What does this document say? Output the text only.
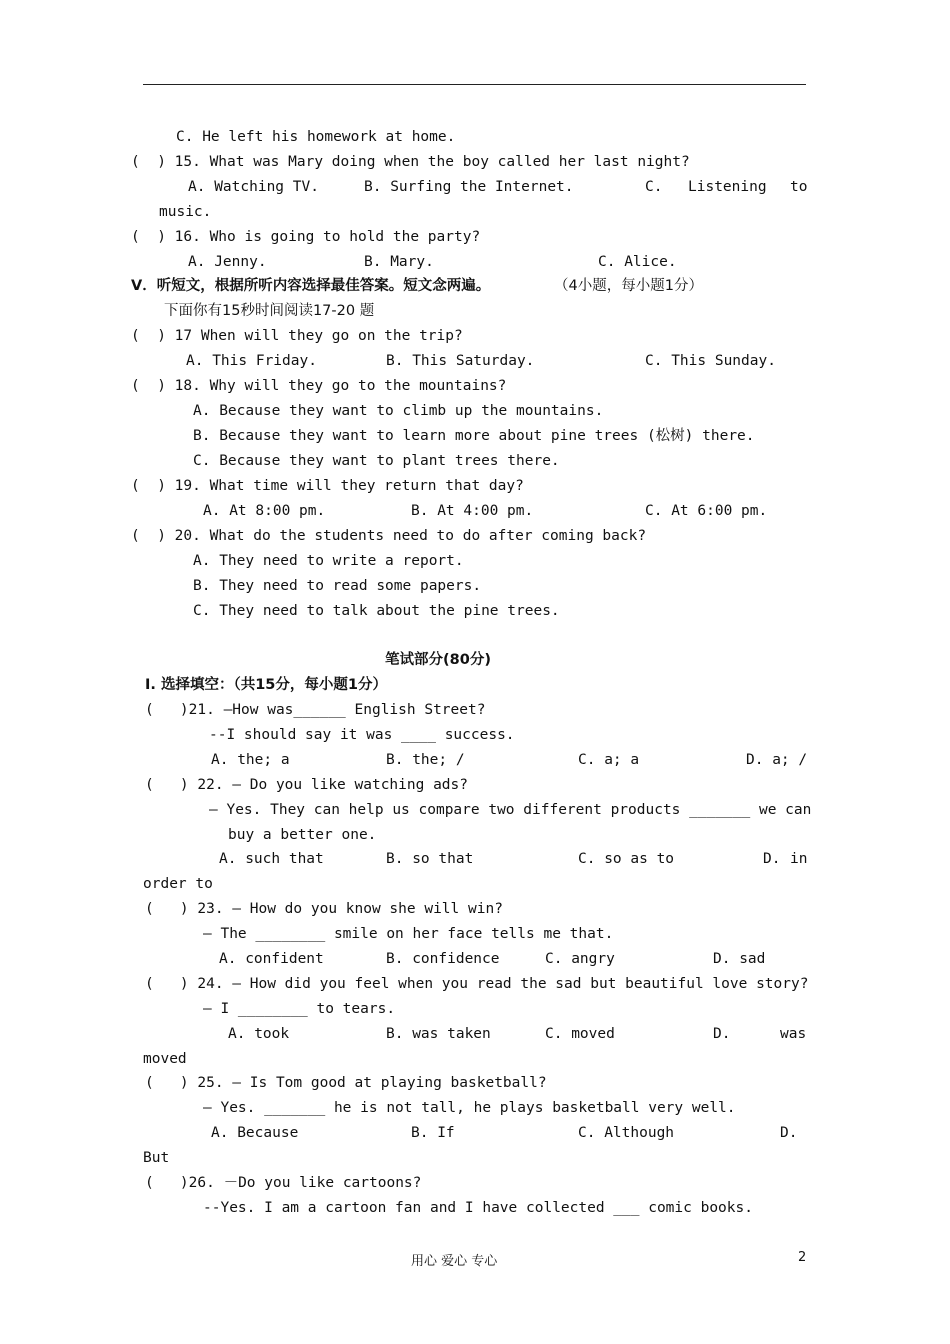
C. He left his homework at home.
(  ) 15. What was Mary doing when the boy called her last night?
A. Watching TV.	B. Surfing the Internet.	C. Listening to
music.
(  ) 16. Who is going to hold the party?
A. Jenny.	B. Mary.	C. Alice.
V．听短文，根据所听内容选择最佳答案。短文念两遍。	（4小题，每小题1分）
下面你有15秒时间阅读17-20 题
(  ) 17 When will they go on the trip?
A. This Friday.	B. This Saturday.	C. This Sunday.
(  ) 18. Why will they go to the mountains?
A. Because they want to climb up the mountains.
B. Because they want to learn more about pine trees (松树) there.
C. Because they want to plant trees there.
(  ) 19. What time will they return that day?
A. At 8:00 pm.	B. At 4:00 pm.	C. At 6:00 pm.
(  ) 20. What do the students need to do after coming back?
A. They need to write a report.
B. They need to read some papers.
C. They need to talk about the pine trees.
笔试部分(80分)
I. 选择填空：（共15分，每小题1分）
(   )21. —How was______ English Street?
--I should say it was ____ success.
A. the; a	B. the; /	C. a; a	D. a; /
(   ) 22. — Do you like watching ads?
— Yes. They can help us compare two different products _______ we can
buy a better one.
A. such that	B. so that	C. so as to	D. in
order to
(   ) 23. — How do you know she will win?
— The ________ smile on her face tells me that.
A. confident	B. confidence	C. angry	D. sad
(   ) 24. — How did you feel when you read the sad but beautiful love story?
— I ________ to tears.
A. took	B. was taken	C. moved	D.	was
moved
(   ) 25. — Is Tom good at playing basketball?
— Yes. _______ he is not tall, he plays basketball very well.
A. Because	B. If	C. Although	D.
But
(   )26. －Do you like cartoons?
--Yes. I am a cartoon fan and I have collected ___ comic books.
用心 爱心 专心	2
